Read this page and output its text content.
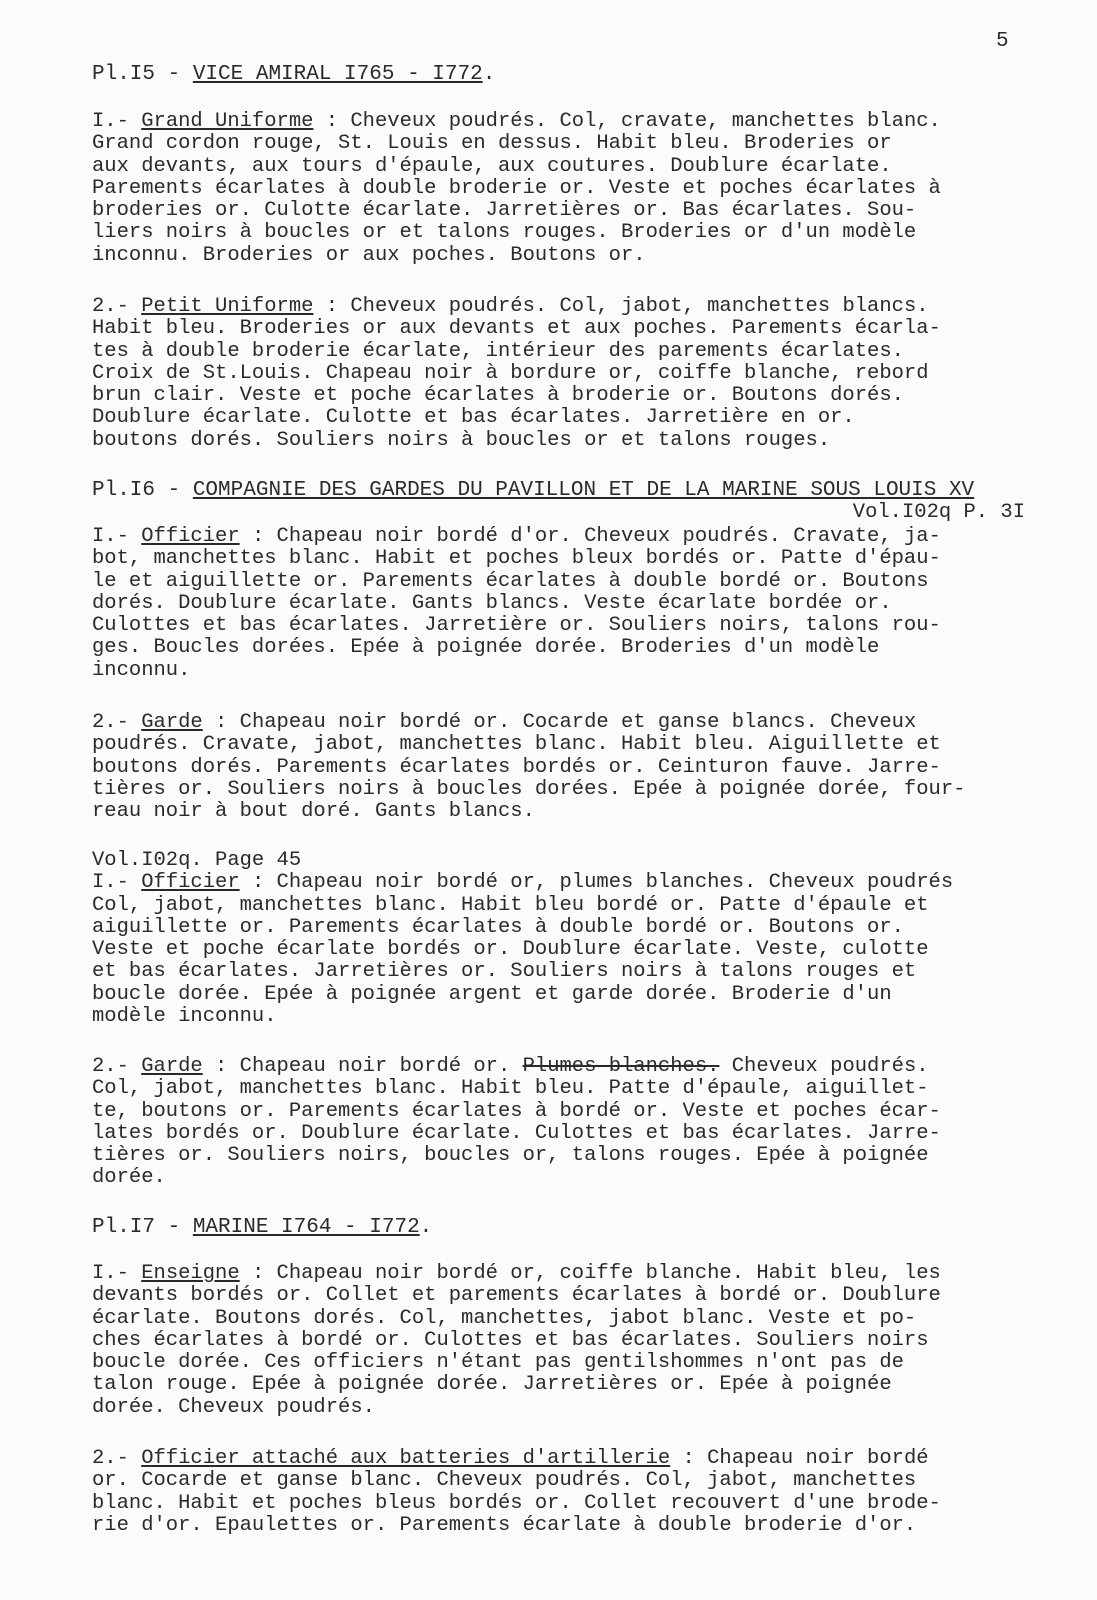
5

Pl.I5 - VICE AMIRAL I765 - I772.

I.- Grand Uniforme : Cheveux poudrés. Col, cravate, manchettes blanc.

Grand cordon rouge, St. Louis en dessus. Habit bleu. Broderies or

aux devants, aux tours d'épaule, aux coutures. Doublure écarlate.

Parements écarlates à double broderie or. Veste et poches écarlates à

broderies or. Culotte écarlate. Jarretières or. Bas écarlates. Sou-

liers noirs à boucles or et talons rouges. Broderies or d'un modèle

inconnu. Broderies or aux poches. Boutons or.

2.- Petit Uniforme : Cheveux poudrés. Col, jabot, manchettes blancs.

Habit bleu. Broderies or aux devants et aux poches. Parements écarla-

tes à double broderie écarlate, intérieur des parements écarlates.

Croix de St.Louis. Chapeau noir à bordure or, coiffe blanche, rebord

brun clair. Veste et poche écarlates à broderie or. Boutons dorés.

Doublure écarlate. Culotte et bas écarlates. Jarretière en or.

boutons dorés. Souliers noirs à boucles or et talons rouges.

Pl.I6 - COMPAGNIE DES GARDES DU PAVILLON ET DE LA MARINE SOUS LOUIS XV

Vol.I02q P. 3I

I.- Officier : Chapeau noir bordé d'or. Cheveux poudrés. Cravate, ja-

bot, manchettes blanc. Habit et poches bleux bordés or. Patte d'épau-

le et aiguillette or. Parements écarlates à double bordé or. Boutons

dorés. Doublure écarlate. Gants blancs. Veste écarlate bordée or.

Culottes et bas écarlates. Jarretière or. Souliers noirs, talons rou-

ges. Boucles dorées. Epée à poignée dorée. Broderies d'un modèle

inconnu.

2.- Garde : Chapeau noir bordé or. Cocarde et ganse blancs. Cheveux

poudrés. Cravate, jabot, manchettes blanc. Habit bleu. Aiguillette et

boutons dorés. Parements écarlates bordés or. Ceinturon fauve. Jarre-

tières or. Souliers noirs à boucles dorées. Epée à poignée dorée, four-

reau noir à bout doré. Gants blancs.

Vol.I02q. Page 45

I.- Officier : Chapeau noir bordé or, plumes blanches. Cheveux poudrés

Col, jabot, manchettes blanc. Habit bleu bordé or. Patte d'épaule et

aiguillette or. Parements écarlates à double bordé or. Boutons or.

Veste et poche écarlate bordés or. Doublure écarlate. Veste, culotte

et bas écarlates. Jarretières or. Souliers noirs à talons rouges et

boucle dorée. Epée à poignée argent et garde dorée. Broderie d'un

modèle inconnu.

2.- Garde : Chapeau noir bordé or. Plumes blanches. Cheveux poudrés.

Col, jabot, manchettes blanc. Habit bleu. Patte d'épaule, aiguillet-

te, boutons or. Parements écarlates à bordé or. Veste et poches écar-

lates bordés or. Doublure écarlate. Culottes et bas écarlates. Jarre-

tières or. Souliers noirs, boucles or, talons rouges. Epée à poignée

dorée.

Pl.I7 - MARINE I764 - I772.

I.- Enseigne : Chapeau noir bordé or, coiffe blanche. Habit bleu, les

devants bordés or. Collet et parements écarlates à bordé or. Doublure

écarlate. Boutons dorés. Col, manchettes, jabot blanc. Veste et po-

ches écarlates à bordé or. Culottes et bas écarlates. Souliers noirs

boucle dorée. Ces officiers n'étant pas gentilshommes n'ont pas de

talon rouge. Epée à poignée dorée. Jarretières or. Epée à poignée

dorée. Cheveux poudrés.

2.- Officier attaché aux batteries d'artillerie : Chapeau noir bordé

or. Cocarde et ganse blanc. Cheveux poudrés. Col, jabot, manchettes

blanc. Habit et poches bleus bordés or. Collet recouvert d'une brode-

rie d'or. Epaulettes or. Parements écarlate à double broderie d'or.
